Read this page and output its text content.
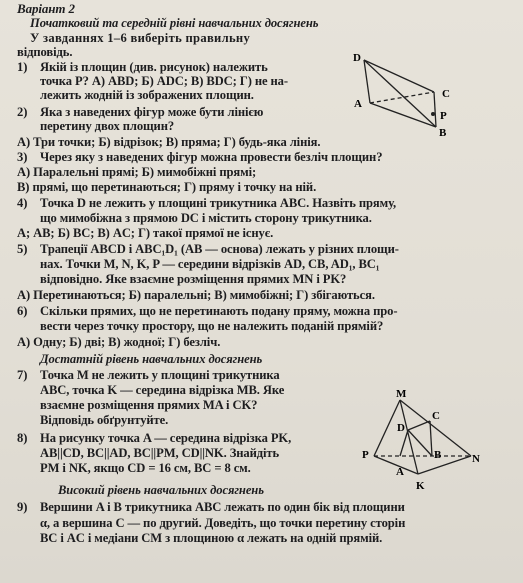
Варіант 2
Початковий та середній рівні навчальних досягнень
У завданнях 1–6 виберіть правильну
відповідь.
1) Якій із площин (див. рисунок) належить
точка P? А) ABD; Б) ADC; В) BDC; Г) не на-
лежить жодній із зображених площин.
2) Яка з наведених фігур може бути лінією
перетину двох площин?
А) Три точки; Б) відрізок; В) пряма; Г) будь-яка лінія.
3) Через яку з наведених фігур можна провести безліч площин?
А) Паралельні прямі; Б) мимобіжні прямі;
В) прямі, що перетинаються; Г) пряму і точку на ній.
4) Точка D не лежить у площині трикутника ABC. Назвіть пряму,
що мимобіжна з прямою DC і містить сторону трикутника.
А; AB; Б) BC; В) AC; Г) такої прямої не існує.
5) Трапеції ABCD і ABC₁D₁ (AB — основа) лежать у різних площи-
нах. Точки M, N, K, P — середини відрізків AD, CB, AD₁, BC₁
відповідно. Яке взаємне розміщення прямих MN і PK?
А) Перетинаються; Б) паралельні; В) мимобіжні; Г) збігаються.
6) Скільки прямих, що не перетинають подану пряму, можна про-
вести через точку простору, що не належить поданій прямій?
А) Одну; Б) дві; В) жодної; Г) безліч.
Достатній рівень навчальних досягнень
7) Точка M не лежить у площині трикутника
ABC, точка K — середина відрізка MB. Яке
взаємне розміщення прямих MA і CK?
Відповідь обґрунтуйте.
8) На рисунку точка A — середина відрізка PK,
AB||CD, BC||AD, BC||PM, CD||NK. Знайдіть
PM і NK, якщо CD = 16 см, BC = 8 см.
Високий рівень навчальних досягнень
9) Вершини A і B трикутника ABC лежать по один бік від площини
α, а вершина C — по другий. Доведіть, що точки перетину сторін
BC і AC і медіани CM з площиною α лежать на одній прямій.
D
A
C
P
B
M
C
D
P	B	N
A
K
